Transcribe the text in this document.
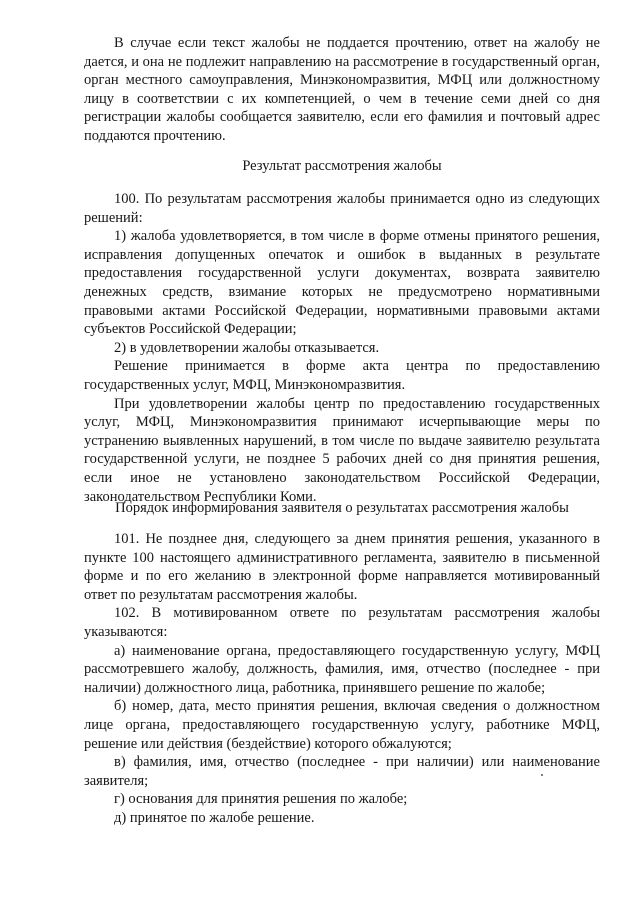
В случае если текст жалобы не поддается прочтению, ответ на жалобу не дается, и она не подлежит направлению на рассмотрение в государственный орган, орган местного самоуправления, Минэкономразвития, МФЦ или должностному лицу в соответствии с их компетенцией, о чем в течение семи дней со дня регистрации жалобы сообщается заявителю, если его фамилия и почтовый адрес поддаются прочтению.

Результат рассмотрения жалобы

100. По результатам рассмотрения жалобы принимается одно из следующих решений:

1) жалоба удовлетворяется, в том числе в форме отмены принятого решения, исправления допущенных опечаток и ошибок в выданных в результате предоставления государственной услуги документах, возврата заявителю денежных средств, взимание которых не предусмотрено нормативными правовыми актами Российской Федерации, нормативными правовыми актами субъектов Российской Федерации;

2) в удовлетворении жалобы отказывается.

Решение принимается в форме акта центра по предоставлению государственных услуг, МФЦ, Минэкономразвития.

При удовлетворении жалобы центр по предоставлению государственных услуг, МФЦ, Минэкономразвития принимают исчерпывающие меры по устранению выявленных нарушений, в том числе по выдаче заявителю результата государственной услуги, не позднее 5 рабочих дней со дня принятия решения, если иное не установлено законодательством Российской Федерации, законодательством Республики Коми.

Порядок информирования заявителя о результатах рассмотрения жалобы

101. Не позднее дня, следующего за днем принятия решения, указанного в пункте 100 настоящего административного регламента, заявителю в письменной форме и по его желанию в электронной форме направляется мотивированный ответ по результатам рассмотрения жалобы.

102. В мотивированном ответе по результатам рассмотрения жалобы указываются:

а) наименование органа, предоставляющего государственную услугу, МФЦ рассмотревшего жалобу, должность, фамилия, имя, отчество (последнее - при наличии) должностного лица, работника, принявшего решение по жалобе;

б) номер, дата, место принятия решения, включая сведения о должностном лице органа, предоставляющего государственную услугу, работнике МФЦ, решение или действия (бездействие) которого обжалуются;

в) фамилия, имя, отчество (последнее - при наличии) или наименование заявителя;

г) основания для принятия решения по жалобе;

д) принятое по жалобе решение.
